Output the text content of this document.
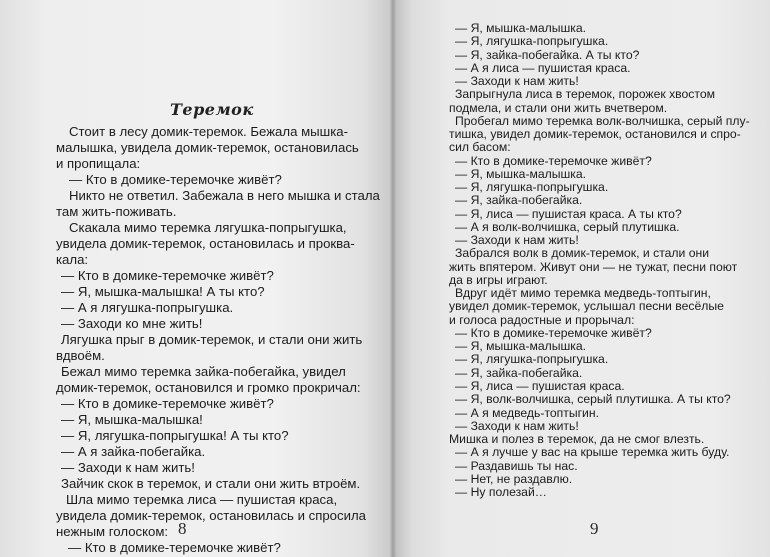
Теремок
Стоит в лесу домик-теремок. Бежала мышка-
малышка, увидела домик-теремок, остановилась
и пропищала:
— Кто в домике-теремочке живёт?
Никто не ответил. Забежала в него мышка и стала
там жить-поживать.
Скакала мимо теремка лягушка-попрыгушка,
увидела домик-теремок, остановилась и проква-
кала:
— Кто в домике-теремочке живёт?
— Я, мышка-малышка! А ты кто?
— А я лягушка-попрыгушка.
— Заходи ко мне жить!
Лягушка прыг в домик-теремок, и стали они жить
вдвоём.
Бежал мимо теремка зайка-побегайка, увидел
домик-теремок, остановился и громко прокричал:
— Кто в домике-теремочке живёт?
— Я, мышка-малышка!
— Я, лягушка-попрыгушка! А ты кто?
— А я зайка-побегайка.
— Заходи к нам жить!
Зайчик скок в теремок, и стали они жить втроём.
Шла мимо теремка лиса — пушистая краса,
увидела домик-теремок, остановилась и спросила
нежным голоском:
— Кто в домике-теремочке живёт?
8
— Я, мышка-малышка.
— Я, лягушка-попрыгушка.
— Я, зайка-побегайка. А ты кто?
— А я лиса — пушистая краса.
— Заходи к нам жить!
Запрыгнула лиса в теремок, порожек хвостом
подмела, и стали они жить вчетвером.
Пробегал мимо теремка волк-волчишка, серый плу-
тишка, увидел домик-теремок, остановился и спро-
сил басом:
— Кто в домике-теремочке живёт?
— Я, мышка-малышка.
— Я, лягушка-попрыгушка.
— Я, зайка-побегайка.
— Я, лиса — пушистая краса. А ты кто?
— А я волк-волчишка, серый плутишка.
— Заходи к нам жить!
Забрался волк в домик-теремок, и стали они
жить впятером. Живут они — не тужат, песни поют
да в игры играют.
Вдруг идёт мимо теремка медведь-топтыгин,
увидел домик-теремок, услышал песни весёлые
и голоса радостные и прорычал:
— Кто в домике-теремочке живёт?
— Я, мышка-малышка.
— Я, лягушка-попрыгушка.
— Я, зайка-побегайка.
— Я, лиса — пушистая краса.
— Я, волк-волчишка, серый плутишка. А ты кто?
— А я медведь-топтыгин.
— Заходи к нам жить!
Мишка и полез в теремок, да не смог влезть.
— А я лучше у вас на крыше теремка жить буду.
— Раздавишь ты нас.
— Нет, не раздавлю.
— Ну полезай…
9
